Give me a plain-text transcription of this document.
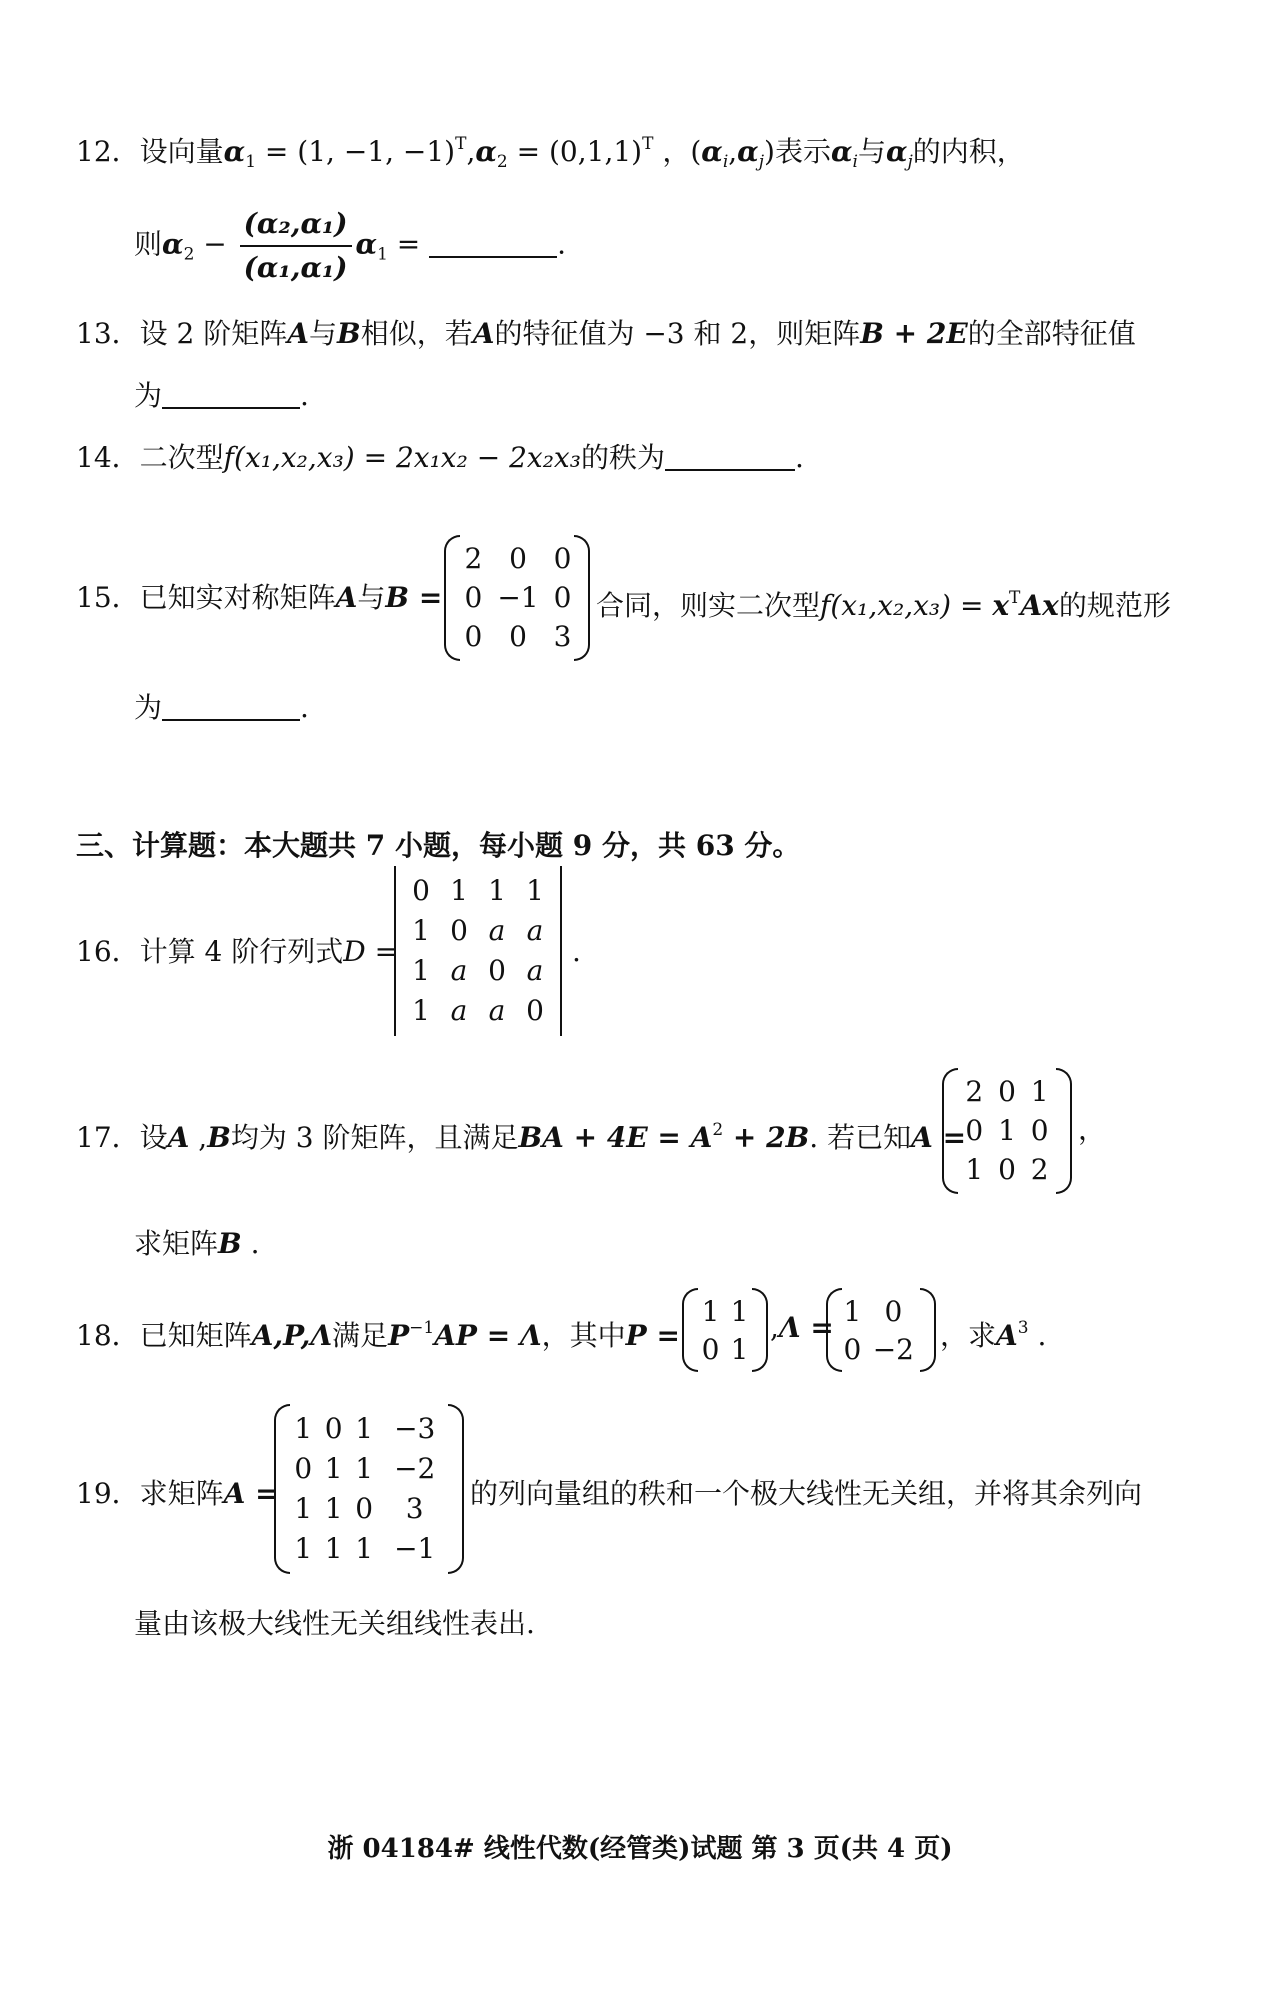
12．设向量$\alpha_1 = (1$, −1, $-1)^T,\alpha_2 = (0,1,1)^T$ ，$(\alpha_i,\alpha_j)$表示$\alpha_i$与$\alpha_j$的内积，
则$\alpha_2 - \frac{\text{(α₂,α₁)}}{\text{(α₁,α₁)}} \alpha_1$ =	.
13．设 2 阶矩阵A与B相似，若A的特征值为 −3 和 2，则矩阵B + 2E的全部特征值
为	.
14．二次型f(x₁,x₂,x₃) = 2x₁x₂ − 2x₂x₃的秩为	.
15．已知实对称矩阵A与B =
2	0	0
0	−1	0
0	0	3
合同，则实二次型$f(x_1,x_2,x_3) = x^TAx$的规范形
为	.
三、计算题：本大题共 7 小题，每小题 9 分，共 63 分。
16．计算 4 阶行列式D =
0	1	1	1
1	0	a	a
1	a	0	a
1	a	a	0
.
17．设A ,B均为 3 阶矩阵，且满足BA + $4E = A^2 + 2B$. 若已知A =
2	0	1
0	1	0
1	0	2
，
求矩阵B .
18．已知矩阵A,P,Λ满足$P^{-1}AP = \Lambda$，其中P =
1	1
0	1
,Λ = 1	0
0	−2 ，求$A^3$ .
19．求矩阵A =
1	0	1	−3
0	1	1	−2
1	1	0	3
1	1	1	−1
的列向量组的秩和一个极大线性无关组，并将其余列向
量由该极大线性无关组线性表出.
浙 04184# 线性代数(经管类)试题 第 3 页(共 4 页)
